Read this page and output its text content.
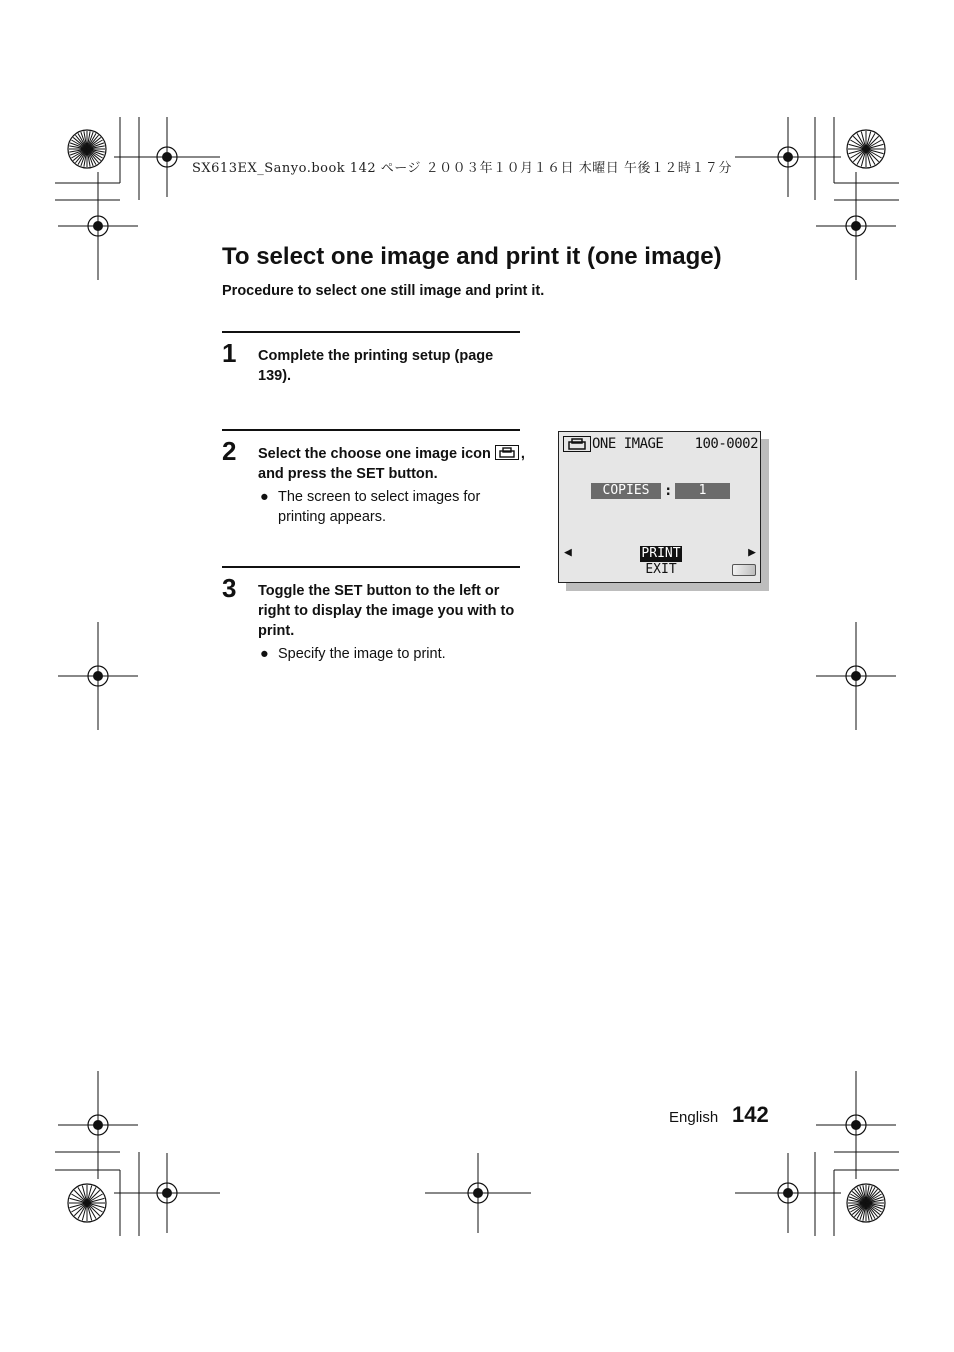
SX613EX_Sanyo.book 142 ページ ２００３年１０月１６日 木曜日 午後１２時１７分
To select one image and print it (one image)
Procedure to select one still image and print it.
1 Complete the printing setup (page 139).
2 Select the choose one image icon , and press the SET button.
● The screen to select images for printing appears.
3 Toggle the SET button to the left or right to display the image you with to print.
● Specify the image to print.
ONE IMAGE 100-0002
COPIES	:	1
◀	▶
PRINT
EXIT
English 142
